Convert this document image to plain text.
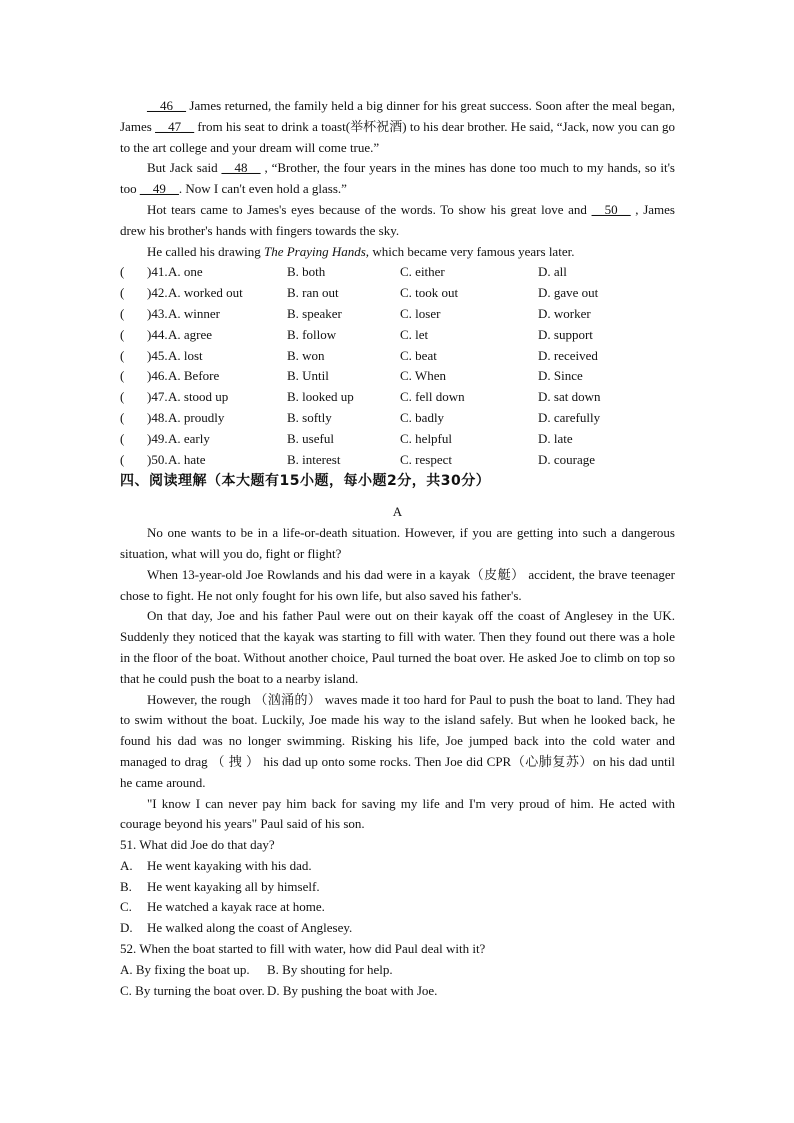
__46__ James returned, the family held a big dinner for his great success. Soon after the meal began, James __47__ from his seat to drink a toast(举杯祝酒) to his dear brother. He said, “Jack, now you can go to the art college and your dream will come true.”

But Jack said __48__ , “Brother, the four years in the mines has done too much to my hands, so it's too __49__. Now I can't even hold a glass.”

Hot tears came to James's eyes because of the words. To show his great love and __50__ , James drew his brother's hands with fingers towards the sky.

He called his drawing The Praying Hands, which became very famous years later.

(	)41. A. one	B. both	C. either	D. all
(	)42. A. worked out	B. ran out	C. took out	D. gave out
(	)43. A. winner	B. speaker	C. loser	D. worker
(	)44. A. agree	B. follow	C. let	D. support
(	)45. A. lost	B. won	C. beat	D. received
(	)46. A. Before	B. Until	C. When	D. Since
(	)47. A. stood up	B. looked up	C. fell down	D. sat down
(	)48. A. proudly	B. softly	C. badly	D. carefully
(	)49. A. early	B. useful	C. helpful	D. late
(	)50. A. hate	B. interest	C. respect	D. courage
四、阅读理解（本大题有15小题，每小题2分，共30分）

A

No one wants to be in a life-or-death situation. However, if you are getting into such a dangerous situation, what will you do, fight or flight?

When 13-year-old Joe Rowlands and his dad were in a kayak（皮艇） accident, the brave teenager chose to fight. He not only fought for his own life, but also saved his father's.

On that day, Joe and his father Paul were out on their kayak off the coast of Anglesey in the UK. Suddenly they noticed that the kayak was starting to fill with water. Then they found out there was a hole in the floor of the boat. Without another choice, Paul turned the boat over. He asked Joe to climb on top so that he could push the boat to a nearby island.

However, the rough （汹涌的） waves made it too hard for Paul to push the boat to land. They had to swim without the boat. Luckily, Joe made his way to the island safely. But when he looked back, he found his dad was no longer swimming. Risking his life, Joe jumped back into the cold water and managed to drag （ 拽 ） his dad up onto some rocks. Then Joe did CPR（心肺复苏）on his dad until he came around.

"I know I can never pay him back for saving my life and I'm very proud of him. He acted with courage beyond his years" Paul said of his son.

51. What did Joe do that day?

A.	He went kayaking with his dad.
B.	He went kayaking all by himself.
C.	He watched a kayak race at home.
D.	He walked along the coast of Anglesey.

52. When the boat started to fill with water, how did Paul deal with it?

A. By fixing the boat up.	B. By shouting for help.
C. By turning the boat over. D. By pushing the boat with Joe.
